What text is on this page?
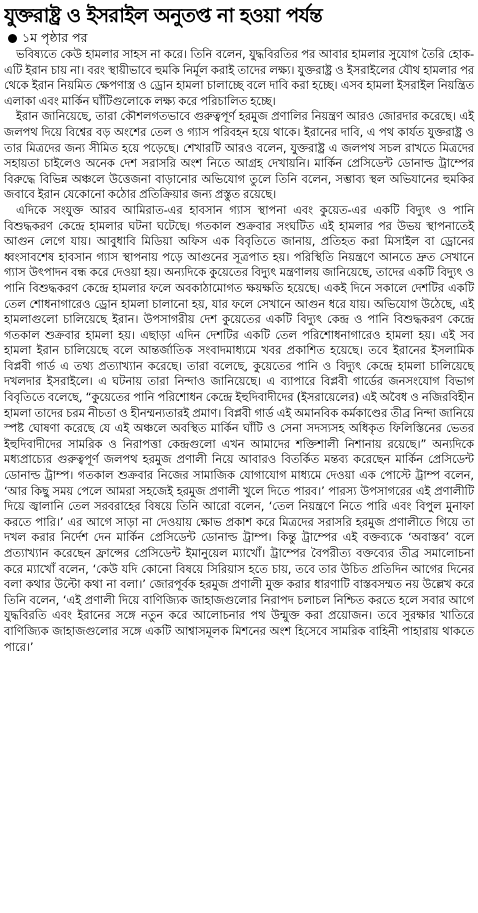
যুক্তরাষ্ট্র ও ইসরাইল অনুতপ্ত না হওয়া পর্যন্ত
১ম পৃষ্ঠার পর

ভবিষ্যতে কেউ হামলার সাহস না করে। তিনি বলেন, যুদ্ধবিরতির পর আবার হামলার সুযোগ তৈরি হোক- এটি ইরান চায় না। বরং স্থায়ীভাবে হুমকি নির্মূল করাই তাদের লক্ষ্য। যুক্তরাষ্ট্র ও ইসরাইলের যৌথ হামলার পর থেকে ইরান নিয়মিত ক্ষেপণাস্ত্র ও ড্রোন হামলা চালাচ্ছে বলে দাবি করা হচ্ছে। এসব হামলা ইসরাইল নিয়ন্ত্রিত এলাকা এবং মার্কিন ঘাঁটিগুলোকে লক্ষ্য করে পরিচালিত হচ্ছে।

ইরান জানিয়েছে, তারা কৌশলগতভাবে গুরুত্বপূর্ণ হরমুজ প্রণালির নিয়ন্ত্রণ আরও জোরদার করেছে। এই জলপথ দিয়ে বিশ্বের বড় অংশের তেল ও গ্যাস পরিবহন হয়ে থাকে। ইরানের দাবি, এ পথ কার্যত যুক্তরাষ্ট্র ও তার মিত্রদের জন্য সীমিত হয়ে পড়েছে। শেখারটি আরও বলেন, যুক্তরাষ্ট্র এ জলপথ সচল রাখতে মিত্রদের সহায়তা চাইলেও অনেক দেশ সরাসরি অংশ নিতে আগ্রহ দেখায়নি। মার্কিন প্রেসিডেন্ট ডোনাল্ড ট্রাম্পের বিরুদ্ধে বিভিন্ন অঞ্চলে উত্তেজনা বাড়ানোর অভিযোগ তুলে তিনি বলেন, সম্ভাব্য স্থল অভিযানের হুমকির জবাবে ইরান যেকোনো কঠোর প্রতিক্রিয়ার জন্য প্রস্তুত রয়েছে।

এদিকে সংযুক্ত আরব আমিরাত-এর হাবসান গ্যাস স্থাপনা এবং কুয়েত-এর একটি বিদ্যুৎ ও পানি বিশুদ্ধকরণ কেন্দ্রে হামলার ঘটনা ঘটেছে। গতকাল শুক্রবার সংঘটিত এই হামলার পর উভয় স্থাপনাতেই আগুন লেগে যায়। আবুধাবি মিডিয়া অফিস এক বিবৃতিতে জানায়, প্রতিহত করা মিসাইল বা ড্রোনের ধ্বংসাবশেষ হাবসান গ্যাস স্থাপনায় পড়ে আগুনের সূত্রপাত হয়। পরিস্থিতি নিয়ন্ত্রণে আনতে দ্রুত সেখানে গ্যাস উৎপাদন বন্ধ করে দেওয়া হয়। অন্যদিকে কুয়েতের বিদ্যুৎ মন্ত্রণালয় জানিয়েছে, তাদের একটি বিদ্যুৎ ও পানি বিশুদ্ধকরণ কেন্দ্রে হামলার ফলে অবকাঠামোগত ক্ষয়ক্ষতি হয়েছে। একই দিনে সকালে দেশটির একটি তেল শোধনাগারেও ড্রোন হামলা চালানো হয়, যার ফলে সেখানে আগুন ধরে যায়। অভিযোগ উঠেছে, এই হামলাগুলো চালিয়েছে ইরান। উপসাগরীয় দেশ কুয়েতের একটি বিদ্যুৎ কেন্দ্র ও পানি বিশুদ্ধকরণ কেন্দ্রে গতকাল শুক্রবার হামলা হয়। এছাড়া এদিন দেশটির একটি তেল পরিশোধনাগারেও হামলা হয়। এই সব হামলা ইরান চালিয়েছে বলে আন্তর্জাতিক সংবাদমাধ্যমে খবর প্রকাশিত হয়েছে। তবে ইরানের ইসলামিক বিপ্লবী গার্ড এ তথ্য প্রত্যাখ্যান করেছে। তারা বলেছে, কুয়েতের পানি ও বিদ্যুৎ কেন্দ্রে হামলা চালিয়েছে দখলদার ইসরাইলে। এ ঘটনায় তারা নিন্দাও জানিয়েছে। এ ব্যাপারে বিপ্লবী গার্ডের জনসংযোগ বিভাগ বিবৃতিতে বলেছে, “কুয়েতের পানি পরিশোধন কেন্দ্রে ইহুদিবাদীদের (ইসরায়েলের) এই অবৈধ ও নজিরবিহীন হামলা তাদের চরম নীচতা ও হীনম্মন্যতারই প্রমাণ। বিপ্লবী গার্ড এই অমানবিক কর্মকাণ্ডের তীব্র নিন্দা জানিয়ে স্পষ্ট ঘোষণা করেছে যে এই অঞ্চলে অবস্থিত মার্কিন ঘাঁটি ও সেনা সদস্যসহ অধিকৃত ফিলিস্তিনের ভেতর ইহুদিবাদীদের সামরিক ও নিরাপত্তা কেন্দ্রগুলো এখন আমাদের শক্তিশালী নিশানায় রয়েছে।” অন্যদিকে মধ্যপ্রাচ্যের গুরুত্বপূর্ণ জলপথ হরমুজ প্রণালী নিয়ে আবারও বিতর্কিত মন্তব্য করেছেন মার্কিন প্রেসিডেন্ট ডোনাল্ড ট্রাম্প। গতকাল শুক্রবার নিজের সামাজিক যোগাযোগ মাধ্যমে দেওয়া এক পোস্টে ট্রাম্প বলেন, ‘আর কিছু সময় পেলে আমরা সহজেই হরমুজ প্রণালী খুলে দিতে পারব।’ পারস্য উপসাগরের এই প্রণালীটি দিয়ে জ্বালানি তেল সরবরাহের বিষয়ে তিনি আরো বলেন, ‘তেল নিয়ন্ত্রণে নিতে পারি এবং বিপুল মুনাফা করতে পারি।’ এর আগে সাড়া না দেওয়ায় ক্ষোভ প্রকাশ করে মিত্রদের সরাসরি হরমুজ প্রণালীতে গিয়ে তা দখল করার নির্দেশ দেন মার্কিন প্রেসিডেন্ট ডোনাল্ড ট্রাম্প। কিন্তু ট্রাম্পের এই বক্তব্যকে ‘অবাস্তব’ বলে প্রত্যাখ্যান করেছেন ফ্রান্সের প্রেসিডেন্ট ইমানুয়েল ম্যাখোঁ। ট্রাম্পের বৈপরীত্য বক্তব্যের তীব্র সমালোচনা করে ম্যাখোঁ বলেন, ‘কেউ যদি কোনো বিষয়ে সিরিয়াস হতে চায়, তবে তার উচিত প্রতিদিন আগের দিনের বলা কথার উল্টো কথা না বলা।’ জোরপূর্বক হরমুজ প্রণালী মুক্ত করার ধারণাটি বাস্তবসম্মত নয় উল্লেখ করে তিনি বলেন, ‘এই প্রণালী দিয়ে বাণিজ্যিক জাহাজগুলোর নিরাপদ চলাচল নিশ্চিত করতে হলে সবার আগে যুদ্ধবিরতি এবং ইরানের সঙ্গে নতুন করে আলোচনার পথ উন্মুক্ত করা প্রয়োজন। তবে সুরক্ষার খাতিরে বাণিজ্যিক জাহাজগুলোর সঙ্গে একটি আশ্বাসমূলক মিশনের অংশ হিসেবে সামরিক বাহিনী পাহারায় থাকতে পারে।’
